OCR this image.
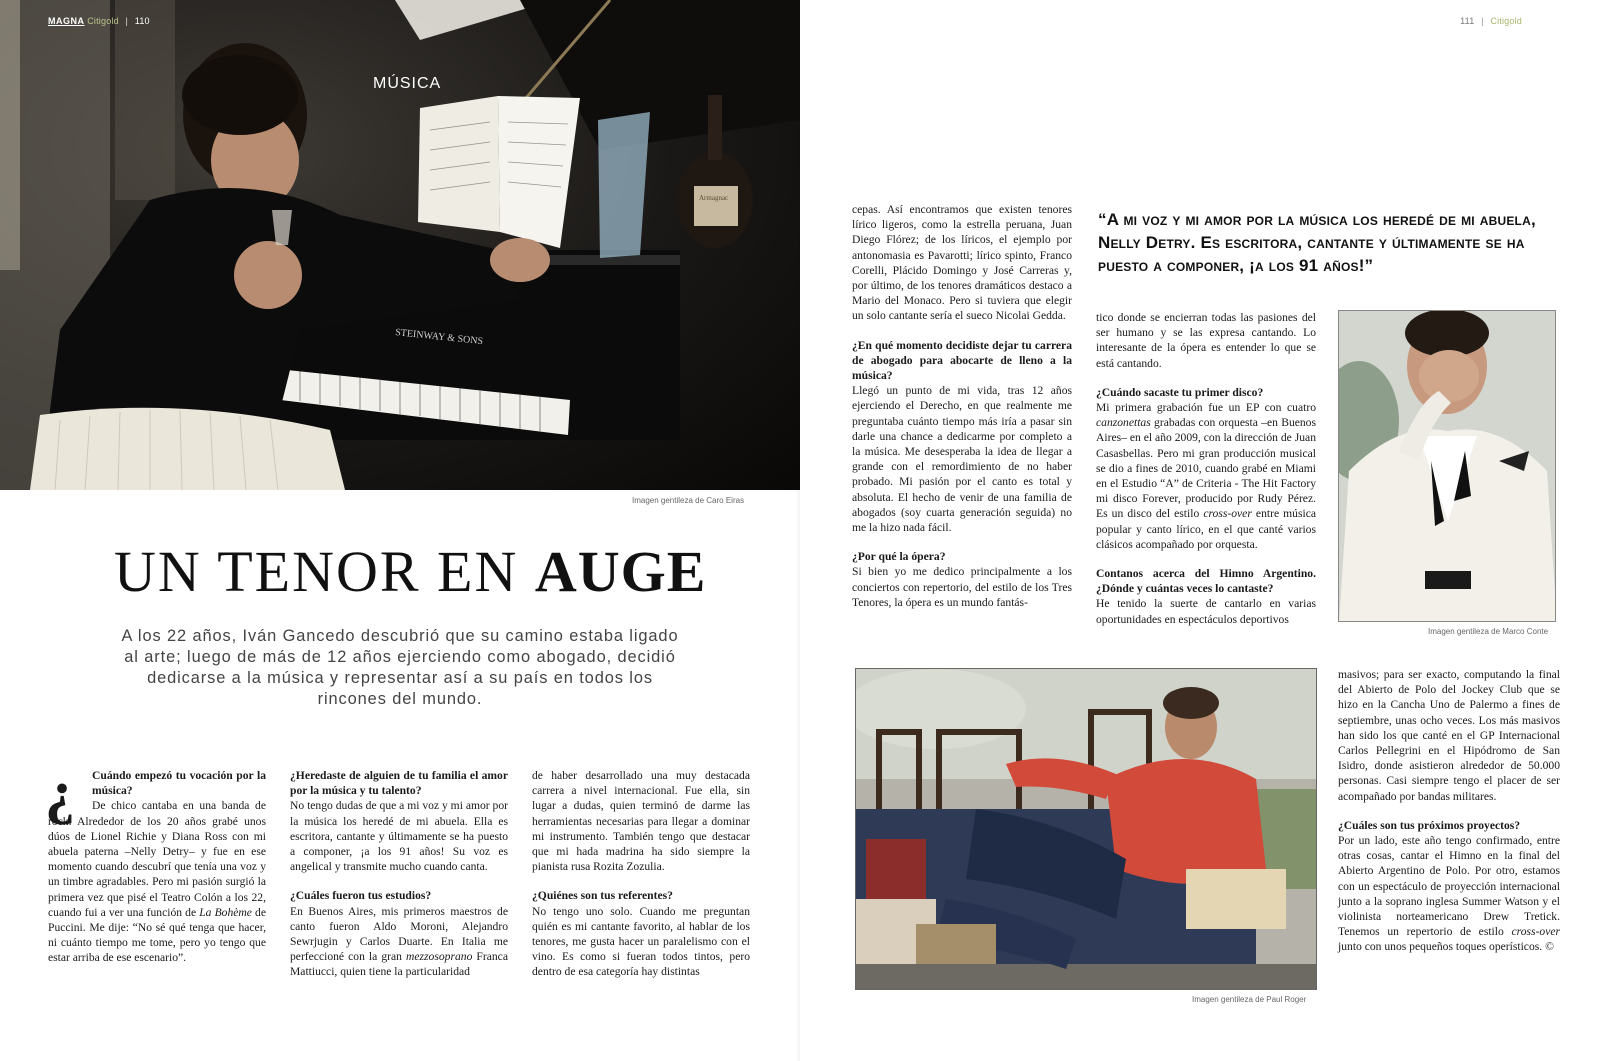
STEINWAY & SONS
Armagnac
MAGNA Citigold | 110
MÚSICA
Imagen gentileza de Caro Eiras
UN TENOR EN AUGE

A los 22 años, Iván Gancedo descubrió que su camino estaba ligado al arte; luego de más de 12 años ejerciendo como abogado, decidió dedicarse a la música y representar así a su país en todos los rincones del mundo.

¿	Cuándo empezó tu vocación por la música?

De chico cantaba en una banda de rock. Alrededor de los 20 años grabé unos dúos de Lionel Richie y Diana Ross con mi abuela paterna –Nelly Detry– y fue en ese momento cuando descubrí que tenía una voz y un timbre agradables. Pero mi pasión surgió la primera vez que pisé el Teatro Colón a los 22, cuando fui a ver una función de La Bohème de Puccini. Me dije: “No sé qué tenga que hacer, ni cuánto tiempo me tome, pero yo tengo que estar arriba de ese escenario”.

¿Heredaste de alguien de tu familia el amor por la música y tu talento?

No tengo dudas de que a mi voz y mi amor por la música los heredé de mi abuela. Ella es escritora, cantante y últimamente se ha puesto a componer, ¡a los 91 años! Su voz es angelical y transmite mucho cuando canta.

¿Cuáles fueron tus estudios?

En Buenos Aires, mis primeros maestros de canto fueron Aldo Moroni, Alejandro Sewrjugin y Carlos Duarte. En Italia me perfeccioné con la gran mezzosoprano Franca Mattiucci, quien tiene la particularidad

de haber desarrollado una muy destacada carrera a nivel internacional. Fue ella, sin lugar a dudas, quien terminó de darme las herramientas necesarias para llegar a dominar mi instrumento. También tengo que destacar que mi hada madrina ha sido siempre la pianista rusa Rozita Zozulia.

¿Quiénes son tus referentes?

No tengo uno solo. Cuando me preguntan quién es mi cantante favorito, al hablar de los tenores, me gusta hacer un paralelismo con el vino. Es como si fueran todos tintos, pero dentro de esa categoría hay distintas

111 | Citigold

cepas. Así encontramos que existen tenores lírico ligeros, como la estrella peruana, Juan Diego Flórez; de los líricos, el ejemplo por antonomasia es Pavarotti; lírico spinto, Franco Corelli, Plácido Domingo y José Carreras y, por último, de los tenores dramáticos destaco a Mario del Monaco. Pero si tuviera que elegir un solo cantante sería el sueco Nicolai Gedda.

¿En qué momento decidiste dejar tu carrera de abogado para abocarte de lleno a la música?

Llegó un punto de mi vida, tras 12 años ejerciendo el Derecho, en que realmente me preguntaba cuánto tiempo más iría a pasar sin darle una chance a dedicarme por completo a la música. Me desesperaba la idea de llegar a grande con el remordimiento de no haber probado. Mi pasión por el canto es total y absoluta. El hecho de venir de una familia de abogados (soy cuarta generación seguida) no me la hizo nada fácil.

¿Por qué la ópera?

Si bien yo me dedico principalmente a los conciertos con repertorio, del estilo de los Tres Tenores, la ópera es un mundo fantás-

“A mi voz y mi amor por la música los heredé de mi abuela, Nelly Detry. Es escritora, cantante y últimamente se ha puesto a componer, ¡a los 91 años!”

tico donde se encierran todas las pasiones del ser humano y se las expresa cantando. Lo interesante de la ópera es entender lo que se está cantando.

¿Cuándo sacaste tu primer disco?

Mi primera grabación fue un EP con cuatro canzonettas grabadas con orquesta –en Buenos Aires– en el año 2009, con la dirección de Juan Casasbellas. Pero mi gran producción musical se dio a fines de 2010, cuando grabé en Miami en el Estudio “A” de Criteria - The Hit Factory mi disco Forever, producido por Rudy Pérez. Es un disco del estilo cross-over entre música popular y canto lírico, en el que canté varios clásicos acompañado por orquesta.

Contanos acerca del Himno Argentino. ¿Dónde y cuántas veces lo cantaste?

He tenido la suerte de cantarlo en varias oportunidades en espectáculos deportivos

Imagen gentileza de Marco Conte
Imagen gentileza de Paul Roger

masivos; para ser exacto, computando la final del Abierto de Polo del Jockey Club que se hizo en la Cancha Uno de Palermo a fines de septiembre, unas ocho veces. Los más masivos han sido los que canté en el GP Internacional Carlos Pellegrini en el Hipódromo de San Isidro, donde asistieron alrededor de 50.000 personas. Casi siempre tengo el placer de ser acompañado por bandas militares.

¿Cuáles son tus próximos proyectos?

Por un lado, este año tengo confirmado, entre otras cosas, cantar el Himno en la final del Abierto Argentino de Polo. Por otro, estamos con un espectáculo de proyección internacional junto a la soprano inglesa Summer Watson y el violinista norteamericano Drew Tretick. Tenemos un repertorio de estilo cross-over junto con unos pequeños toques operísticos. ©
